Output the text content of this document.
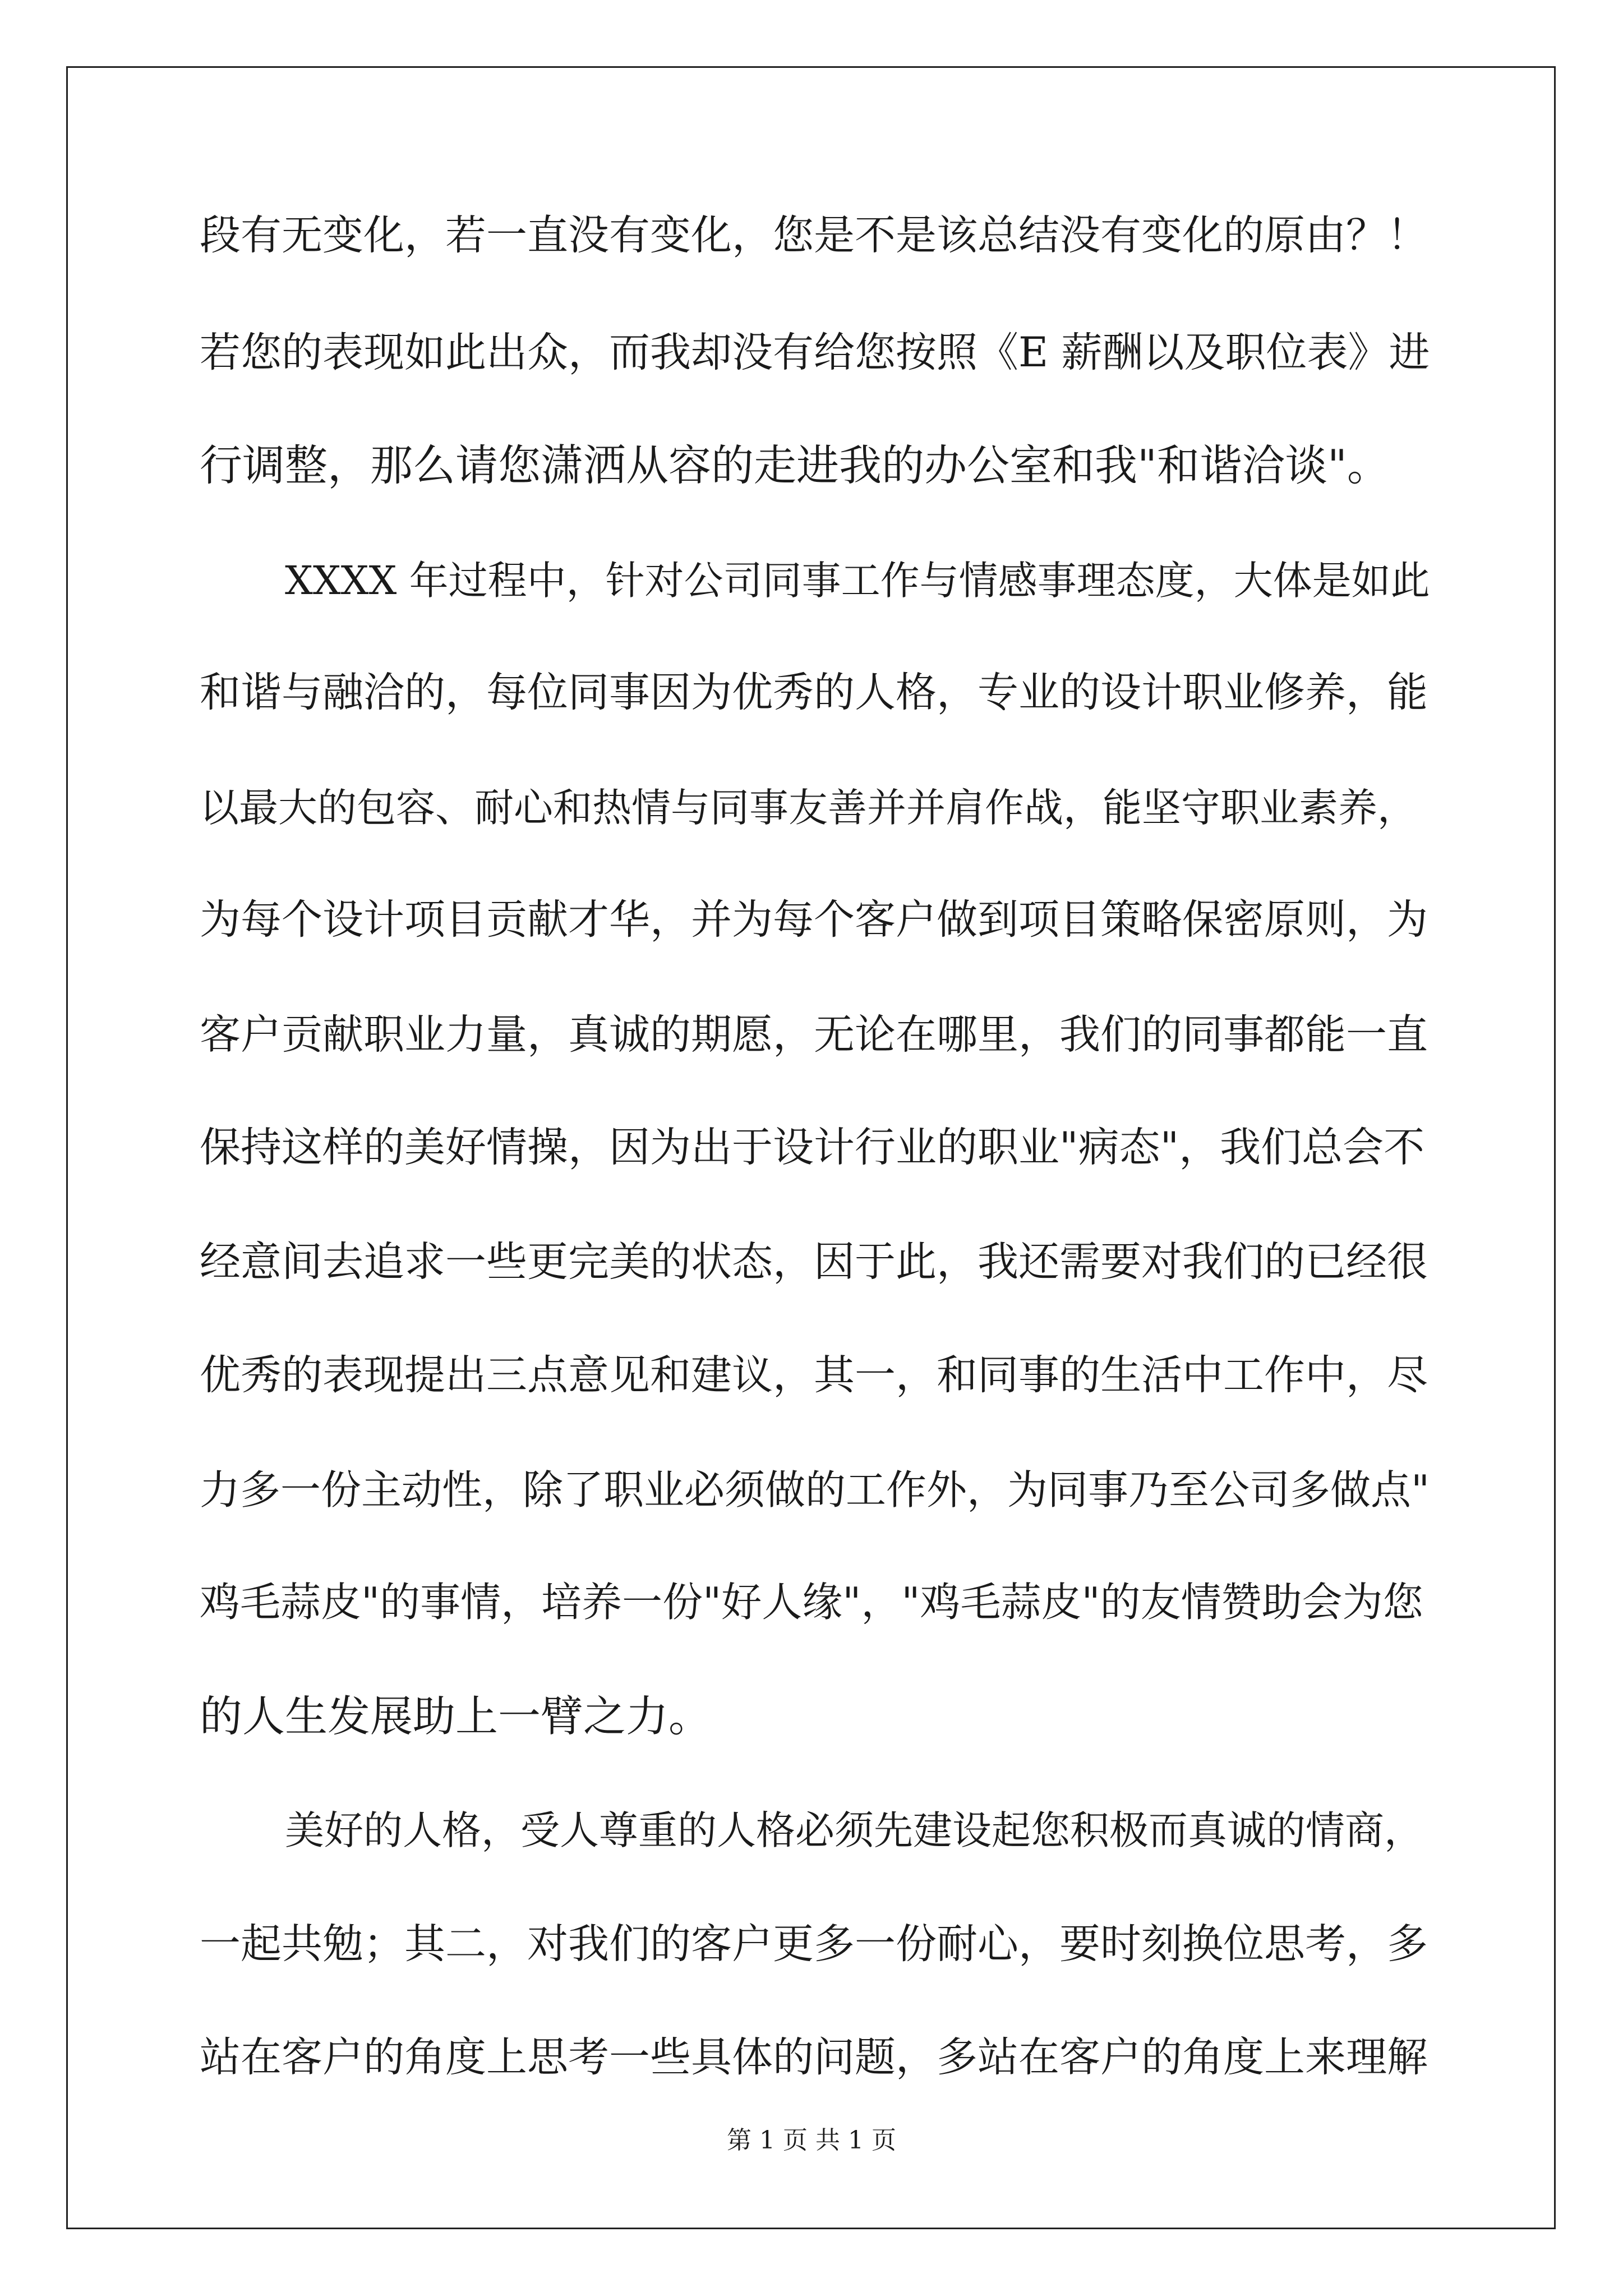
段有无变化，若一直没有变化，您是不是该总结没有变化的原由？！

若您的表现如此出众，而我却没有给您按照《E 薪酬以及职位表》进

行调整，那么请您潇洒从容的走进我的办公室和我"和谐洽谈"。

XXXX 年过程中，针对公司同事工作与情感事理态度，大体是如此

和谐与融洽的，每位同事因为优秀的人格，专业的设计职业修养，能

以最大的包容、耐心和热情与同事友善并并肩作战，能坚守职业素养，

为每个设计项目贡献才华，并为每个客户做到项目策略保密原则，为

客户贡献职业力量，真诚的期愿，无论在哪里，我们的同事都能一直

保持这样的美好情操，因为出于设计行业的职业"病态"，我们总会不

经意间去追求一些更完美的状态，因于此，我还需要对我们的已经很

优秀的表现提出三点意见和建议，其一，和同事的生活中工作中，尽

力多一份主动性，除了职业必须做的工作外，为同事乃至公司多做点"

鸡毛蒜皮"的事情，培养一份"好人缘"，"鸡毛蒜皮"的友情赞助会为您

的人生发展助上一臂之力。

美好的人格，受人尊重的人格必须先建设起您积极而真诚的情商，

一起共勉；其二，对我们的客户更多一份耐心，要时刻换位思考，多

站在客户的角度上思考一些具体的问题，多站在客户的角度上来理解

第 1 页 共 1 页
